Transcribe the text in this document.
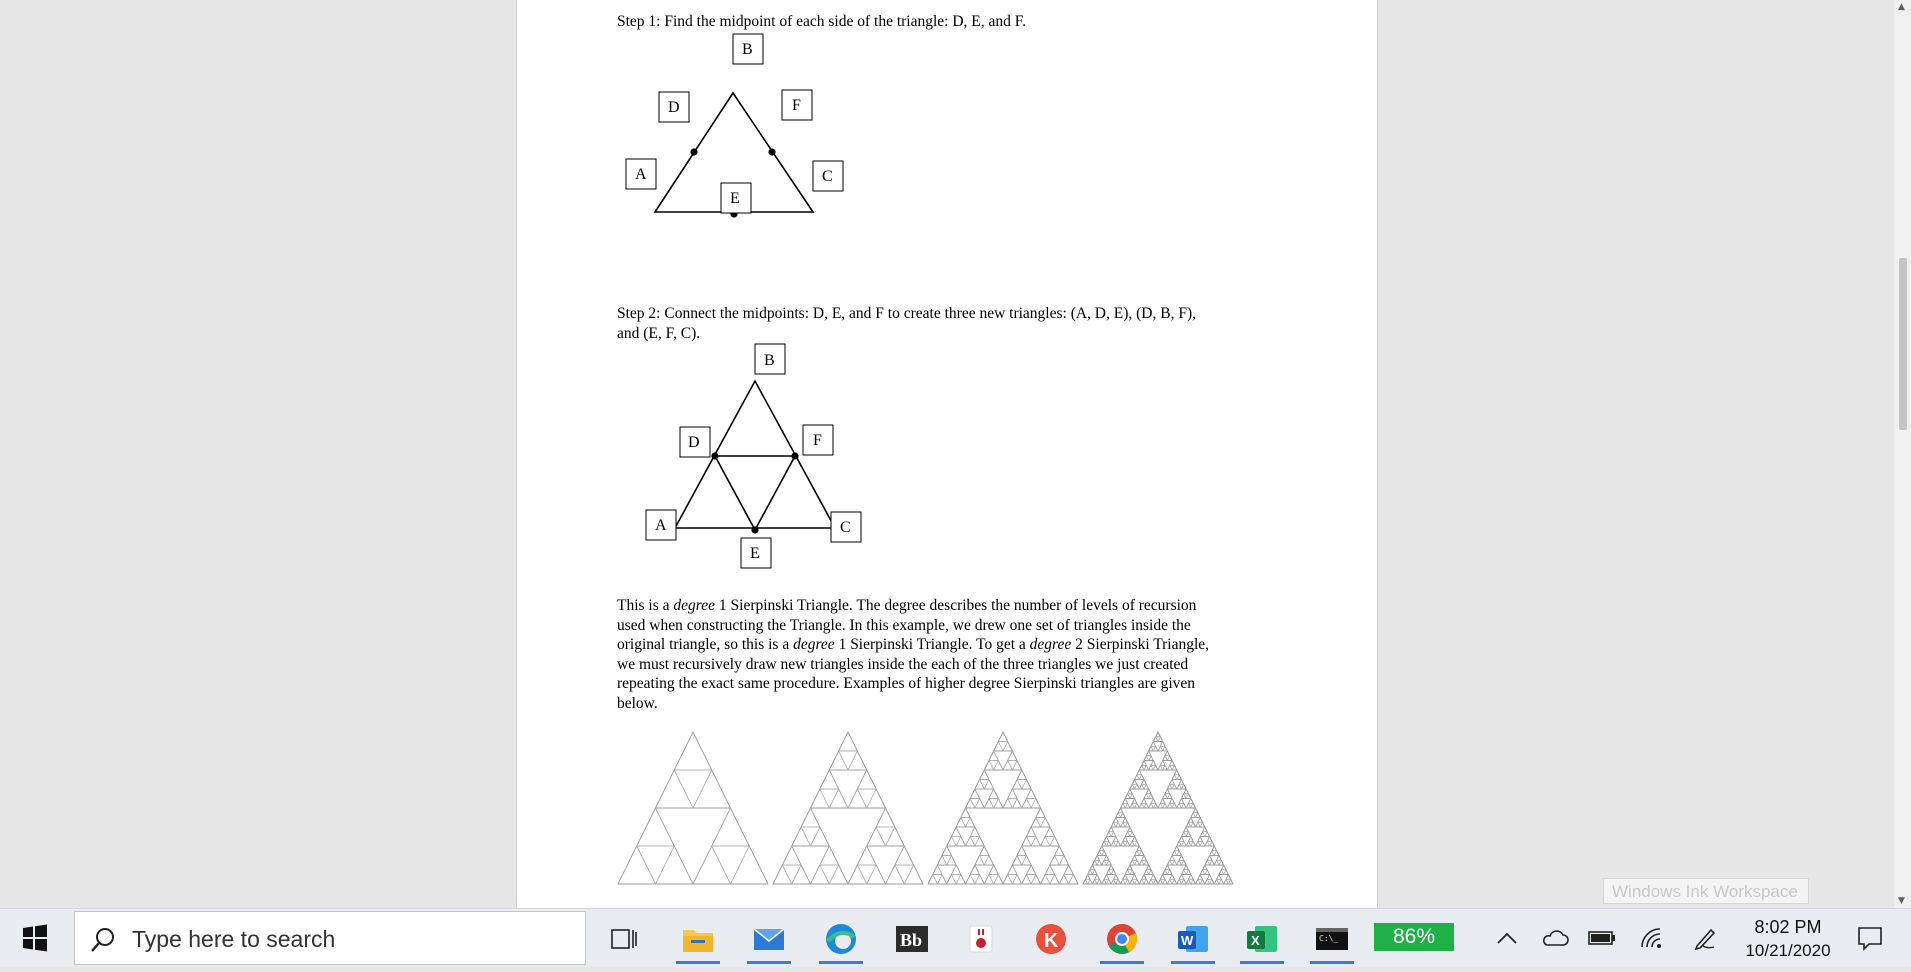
Step 1: Find the midpoint of each side of the triangle: D, E, and F.
B
D	F
A	C
E
Step 2: Connect the midpoints: D, E, and F to create three new triangles: (A, D, E), (D, B, F),
and (E, F, C).
B
D	F
A	C
E
This is a degree 1 Sierpinski Triangle. The degree describes the number of levels of recursion
used when constructing the Triangle. In this example, we drew one set of triangles inside the
original triangle, so this is a degree 1 Sierpinski Triangle. To get a degree 2 Sierpinski Triangle,
we must recursively draw new triangles inside the each of the three triangles we just created
repeating the exact same procedure. Examples of higher degree Sierpinski triangles are given
below.
▲
▼
Windows Ink Workspace
Type here to search	Bb	K	W	X	C:\_	86%	8:02 PM
10/21/2020
